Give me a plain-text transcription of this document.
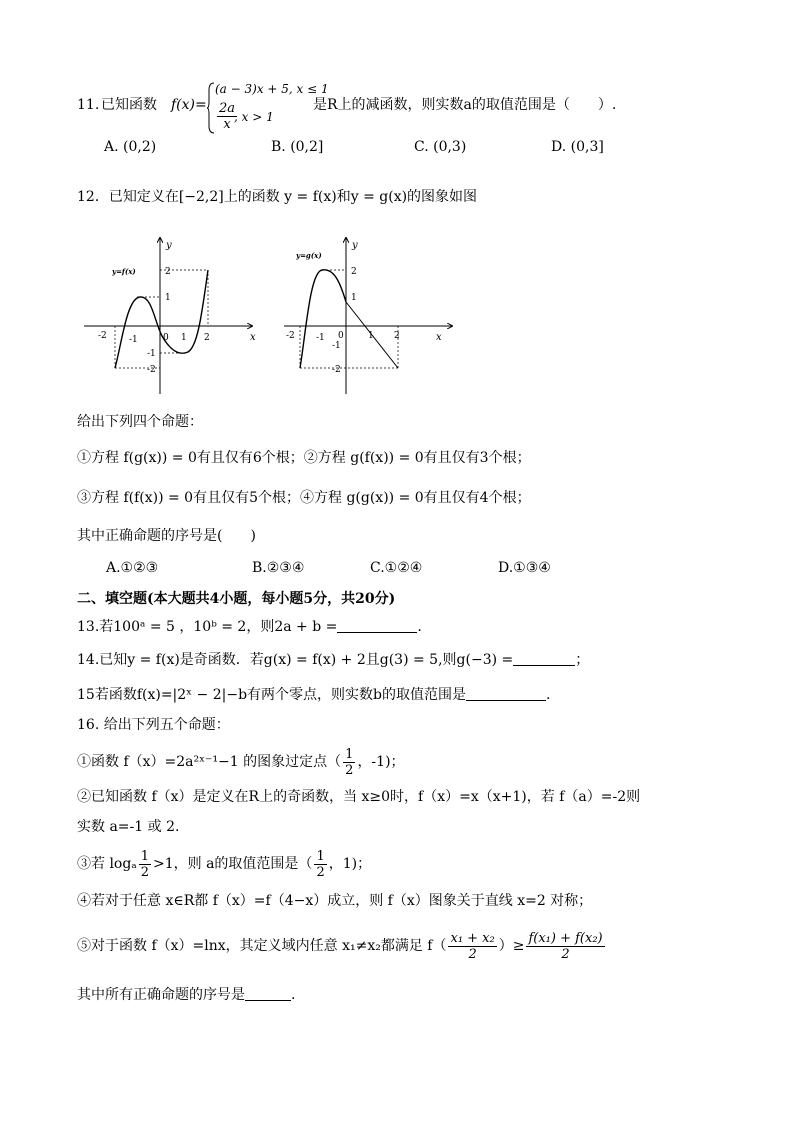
11. 已知函数 f(x)=
(a − 3)x + 5, x ≤ 1
$\frac{2a}{x}$
, x > 1
是R上的减函数，则实数a的取值范围是（　　）.
A. (0,2)	B. (0,2]	C. (0,3)	D. (0,3]
12．已知定义在[−2,2]上的函数 y = f(x)和y = g(x)的图象如图
y=f(x)
y
x
-2 -1	0 1 2
2
1
-1
-2
y=g(x)
y
x
-2 -1 0	1 2
2
1
-1
-2
给出下列四个命题：
①方程 f(g(x)) = 0有且仅有6个根；②方程 g(f(x)) = 0有且仅有3个根；
③方程 f(f(x)) = 0有且仅有5个根；④方程 g(g(x)) = 0有且仅有4个根；
其中正确命题的序号是(　　)
A.①②③	B.②③④	C.①②④	D.①③④
二、填空题(本大题共4小题，每小题5分，共20分)
13.若100ᵃ = 5 ，10ᵇ = 2，则2a + b =	.
14.已知y = f(x)是奇函数．若g(x) = f(x) + 2且g(3) = 5,则g(−3) =	；
15若函数f(x)=|2ˣ − 2|−b有两个零点，则实数b的取值范围是	.
16. 给出下列五个命题：
①函数 f（x）=2a²ˣ⁻¹−1 的图象过定点（ $\frac{1}{2}$ ，-1)；
②已知函数 f（x）是定义在R上的奇函数，当 x≥0时，f（x）=x（x+1)，若 f（a）=-2则
实数 a=-1 或 2.
③若 logₐ $\frac{1}{2} >1$，则 a的取值范围是（ $\frac{1}{2}$ ，1)；
④若对于任意 x∈R都 f（x）=f（4−x）成立，则 f（x）图象关于直线 x=2 对称；
⑤对于函数 f（x）=lnx，其定义域内任意 x₁≠x₂都满足 $f( \frac{\text{x₁ + x₂}}{2}$ ）≥ $\frac{\text{f(x₁) + f(x₂)}}{2}$
其中所有正确命题的序号是	.
